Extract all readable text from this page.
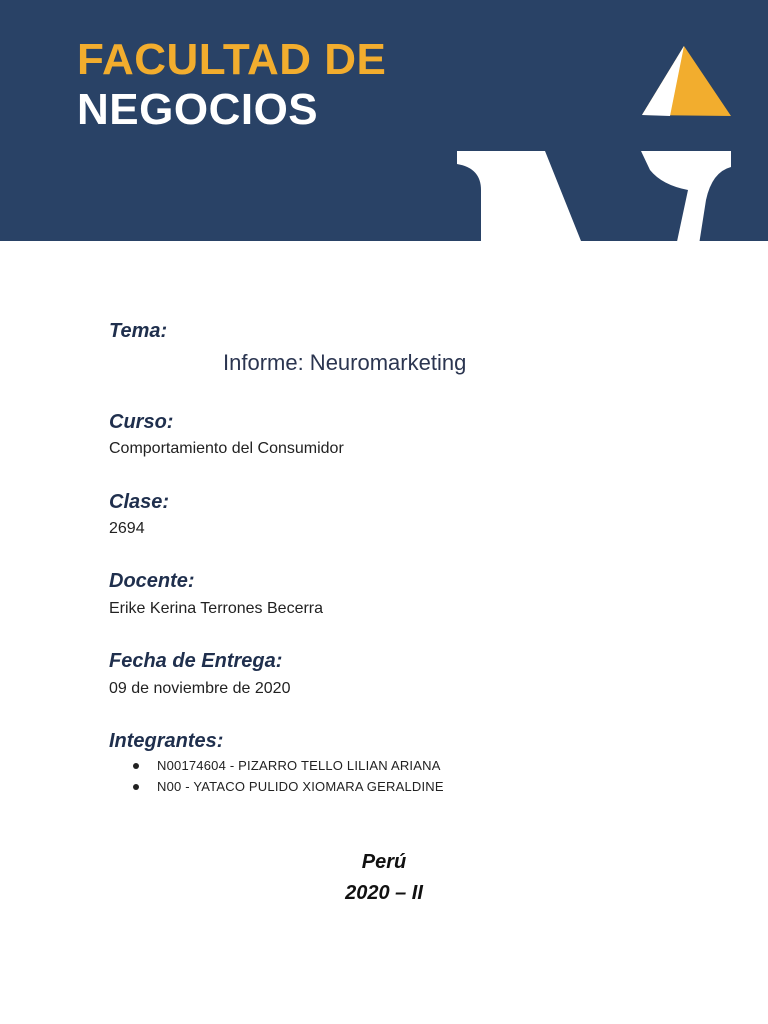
FACULTAD DE
NEGOCIOS
Tema:
Informe: Neuromarketing
Curso:
Comportamiento del Consumidor
Clase:
2694
Docente:
Erike Kerina Terrones Becerra
Fecha de Entrega:
09 de noviembre de 2020
Integrantes:
N00174604 - PIZARRO TELLO LILIAN ARIANA
N00 - YATACO PULIDO XIOMARA GERALDINE
Perú
2020 – II
